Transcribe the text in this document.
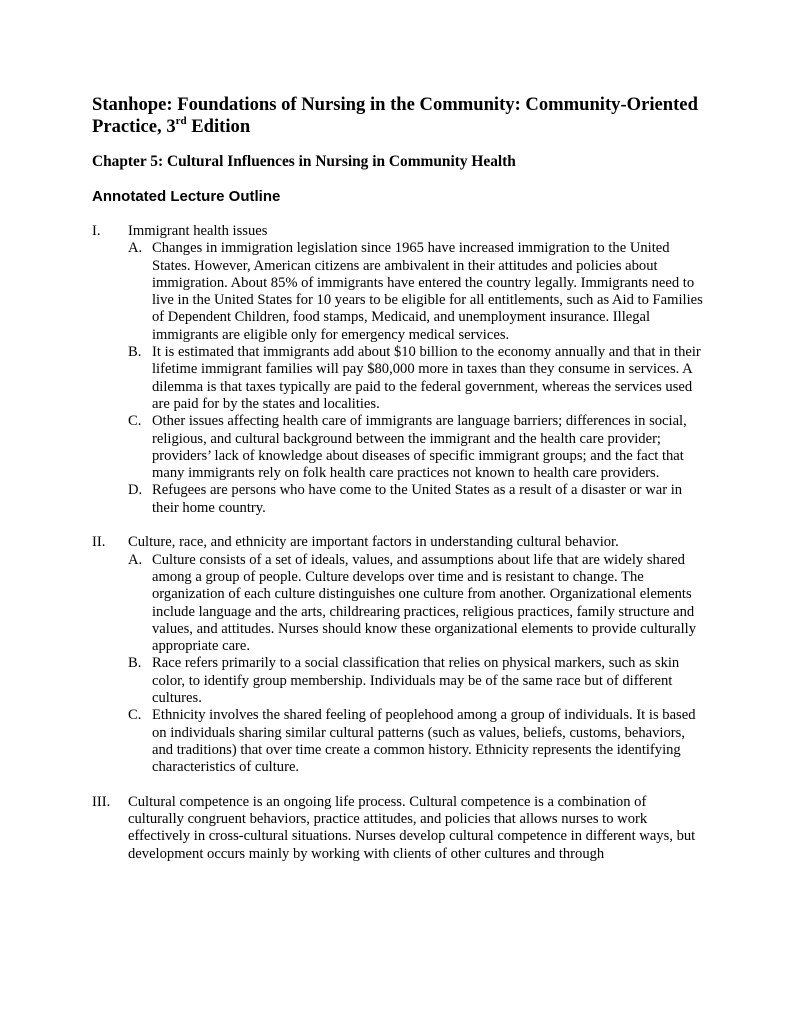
Stanhope: Foundations of Nursing in the Community: Community-Oriented Practice, 3rd Edition
Chapter 5: Cultural Influences in Nursing in Community Health
Annotated Lecture Outline
I. Immigrant health issues

A. Changes in immigration legislation since 1965 have increased immigration to the United States. However, American citizens are ambivalent in their attitudes and policies about immigration. About 85% of immigrants have entered the country legally. Immigrants need to live in the United States for 10 years to be eligible for all entitlements, such as Aid to Families of Dependent Children, food stamps, Medicaid, and unemployment insurance. Illegal immigrants are eligible only for emergency medical services.

B. It is estimated that immigrants add about $10 billion to the economy annually and that in their lifetime immigrant families will pay $80,000 more in taxes than they consume in services. A dilemma is that taxes typically are paid to the federal government, whereas the services used are paid for by the states and localities.

C. Other issues affecting health care of immigrants are language barriers; differences in social, religious, and cultural background between the immigrant and the health care provider; providers’ lack of knowledge about diseases of specific immigrant groups; and the fact that many immigrants rely on folk health care practices not known to health care providers.

D. Refugees are persons who have come to the United States as a result of a disaster or war in their home country.

II. Culture, race, and ethnicity are important factors in understanding cultural behavior.

A. Culture consists of a set of ideals, values, and assumptions about life that are widely shared among a group of people. Culture develops over time and is resistant to change. The organization of each culture distinguishes one culture from another. Organizational elements include language and the arts, childrearing practices, religious practices, family structure and values, and attitudes. Nurses should know these organizational elements to provide culturally appropriate care.

B. Race refers primarily to a social classification that relies on physical markers, such as skin color, to identify group membership. Individuals may be of the same race but of different cultures.

C. Ethnicity involves the shared feeling of peoplehood among a group of individuals. It is based on individuals sharing similar cultural patterns (such as values, beliefs, customs, behaviors, and traditions) that over time create a common history. Ethnicity represents the identifying characteristics of culture.

III. Cultural competence is an ongoing life process. Cultural competence is a combination of culturally congruent behaviors, practice attitudes, and policies that allows nurses to work effectively in cross-cultural situations. Nurses develop cultural competence in different ways, but development occurs mainly by working with clients of other cultures and through
